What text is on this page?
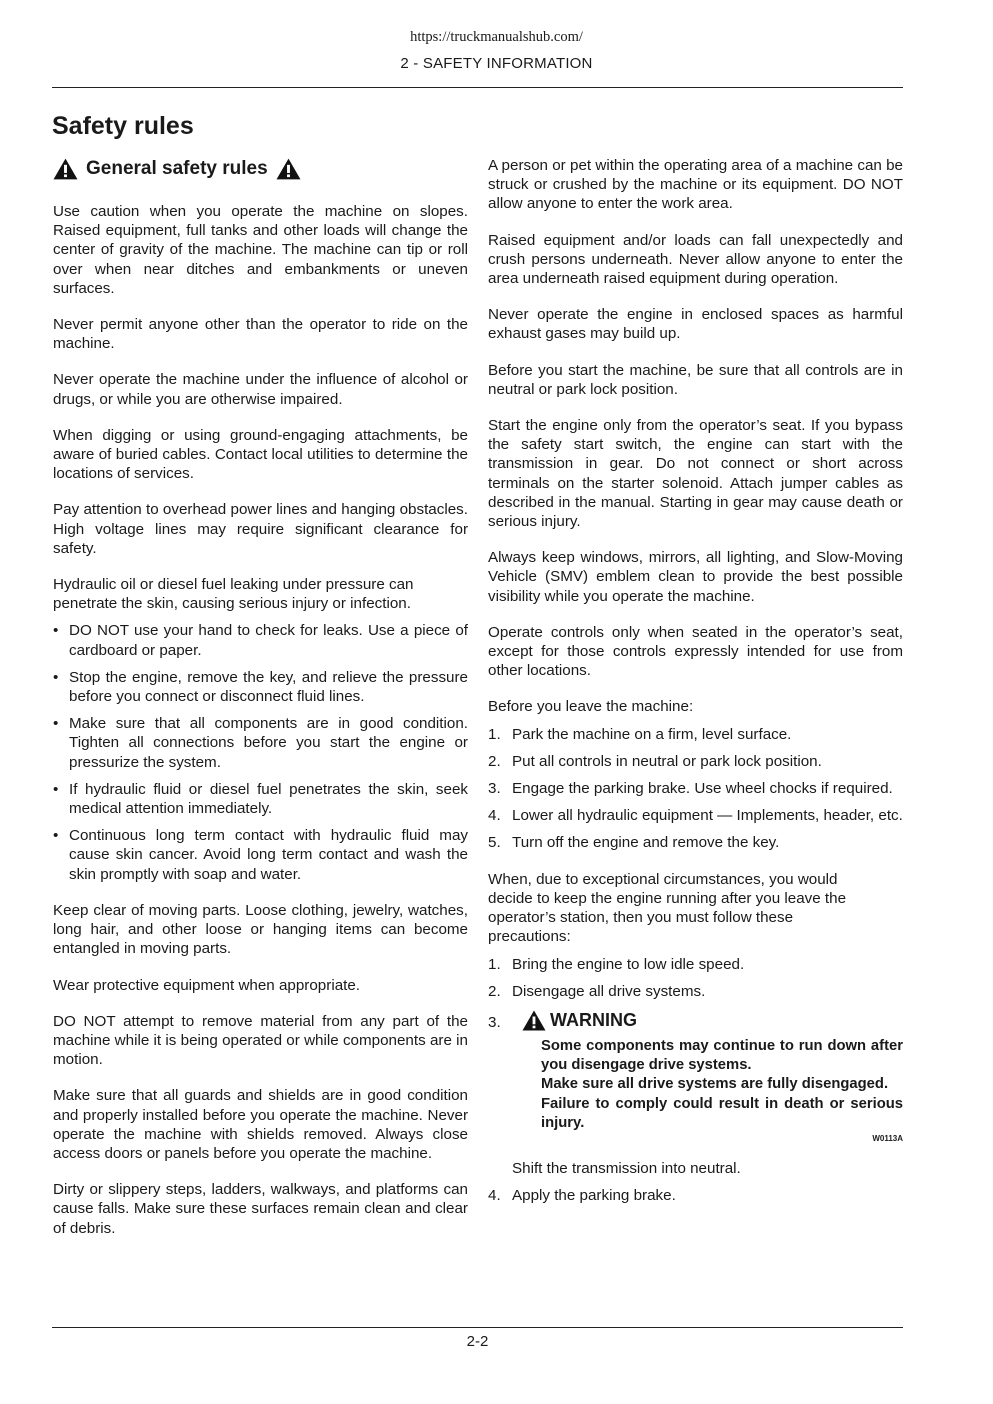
https://truckmanualshub.com/
2 - SAFETY INFORMATION
Safety rules
General safety rules

Use caution when you operate the machine on slopes. Raised equipment, full tanks and other loads will change the center of gravity of the machine. The machine can tip or roll over when near ditches and embankments or uneven surfaces.

Never permit anyone other than the operator to ride on the machine.

Never operate the machine under the influence of alcohol or drugs, or while you are otherwise impaired.

When digging or using ground-engaging attachments, be aware of buried cables. Contact local utilities to determine the locations of services.

Pay attention to overhead power lines and hanging obstacles. High voltage lines may require significant clearance for safety.

Hydraulic oil or diesel fuel leaking under pressure can penetrate the skin, causing serious injury or infection.

• DO NOT use your hand to check for leaks. Use a piece of cardboard or paper.
• Stop the engine, remove the key, and relieve the pressure before you connect or disconnect fluid lines.
• Make sure that all components are in good condition. Tighten all connections before you start the engine or pressurize the system.
• If hydraulic fluid or diesel fuel penetrates the skin, seek medical attention immediately.
• Continuous long term contact with hydraulic fluid may cause skin cancer. Avoid long term contact and wash the skin promptly with soap and water.

Keep clear of moving parts. Loose clothing, jewelry, watches, long hair, and other loose or hanging items can become entangled in moving parts.

Wear protective equipment when appropriate.

DO NOT attempt to remove material from any part of the machine while it is being operated or while components are in motion.

Make sure that all guards and shields are in good condition and properly installed before you operate the machine. Never operate the machine with shields removed. Always close access doors or panels before you operate the machine.

Dirty or slippery steps, ladders, walkways, and platforms can cause falls. Make sure these surfaces remain clean and clear of debris.

A person or pet within the operating area of a machine can be struck or crushed by the machine or its equipment. DO NOT allow anyone to enter the work area.

Raised equipment and/or loads can fall unexpectedly and crush persons underneath. Never allow anyone to enter the area underneath raised equipment during operation.

Never operate the engine in enclosed spaces as harmful exhaust gases may build up.

Before you start the machine, be sure that all controls are in neutral or park lock position.

Start the engine only from the operator’s seat. If you bypass the safety start switch, the engine can start with the transmission in gear. Do not connect or short across terminals on the starter solenoid. Attach jumper cables as described in the manual. Starting in gear may cause death or serious injury.

Always keep windows, mirrors, all lighting, and Slow-Moving Vehicle (SMV) emblem clean to provide the best possible visibility while you operate the machine.

Operate controls only when seated in the operator’s seat, except for those controls expressly intended for use from other locations.

Before you leave the machine:

1. Park the machine on a firm, level surface.
2. Put all controls in neutral or park lock position.
3. Engage the parking brake. Use wheel chocks if required.
4. Lower all hydraulic equipment — Implements, header, etc.
5. Turn off the engine and remove the key.

When, due to exceptional circumstances, you would decide to keep the engine running after you leave the operator’s station, then you must follow these precautions:

1. Bring the engine to low idle speed.
2. Disengage all drive systems.
3.	WARNING
Some components may continue to run down after you disengage drive systems.
Make sure all drive systems are fully disengaged.
Failure to comply could result in death or serious injury.
W0113A
Shift the transmission into neutral.
4. Apply the parking brake.
2-2
